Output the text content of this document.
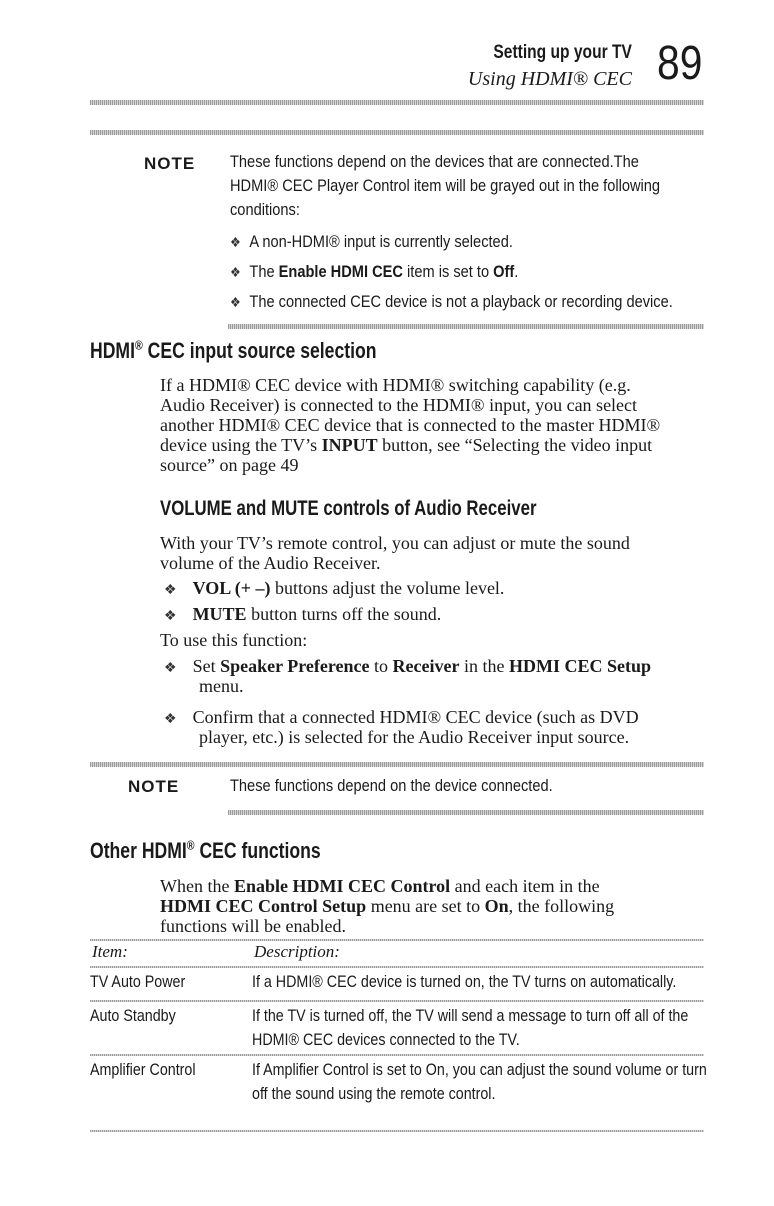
Setting up your TV
Using HDMI® CEC 89
NOTE These functions depend on the devices that are connected.The
HDMI® CEC Player Control item will be grayed out in the following
conditions:
❖ A non-HDMI® input is currently selected.
❖ The Enable HDMI CEC item is set to Off.
❖ The connected CEC device is not a playback or recording device.
HDMI® CEC input source selection
If a HDMI® CEC device with HDMI® switching capability (e.g.
Audio Receiver) is connected to the HDMI® input, you can select
another HDMI® CEC device that is connected to the master HDMI®
device using the TV’s INPUT button, see “Selecting the video input
source” on page 49
VOLUME and MUTE controls of Audio Receiver
With your TV’s remote control, you can adjust or mute the sound
volume of the Audio Receiver.
❖ VOL (+ –) buttons adjust the volume level.
❖ MUTE button turns off the sound.
To use this function:
❖ Set Speaker Preference to Receiver in the HDMI CEC Setup
menu.
❖ Confirm that a connected HDMI® CEC device (such as DVD
player, etc.) is selected for the Audio Receiver input source.
NOTE	These functions depend on the device connected.
Other HDMI® CEC functions
When the Enable HDMI CEC Control and each item in the
HDMI CEC Control Setup menu are set to On, the following
functions will be enabled.
Item:	Description:
TV Auto Power	If a HDMI® CEC device is turned on, the TV turns on automatically.
Auto Standby	If the TV is turned off, the TV will send a message to turn off all of the
HDMI® CEC devices connected to the TV.
Amplifier Control	If Amplifier Control is set to On, you can adjust the sound volume or turn
off the sound using the remote control.
